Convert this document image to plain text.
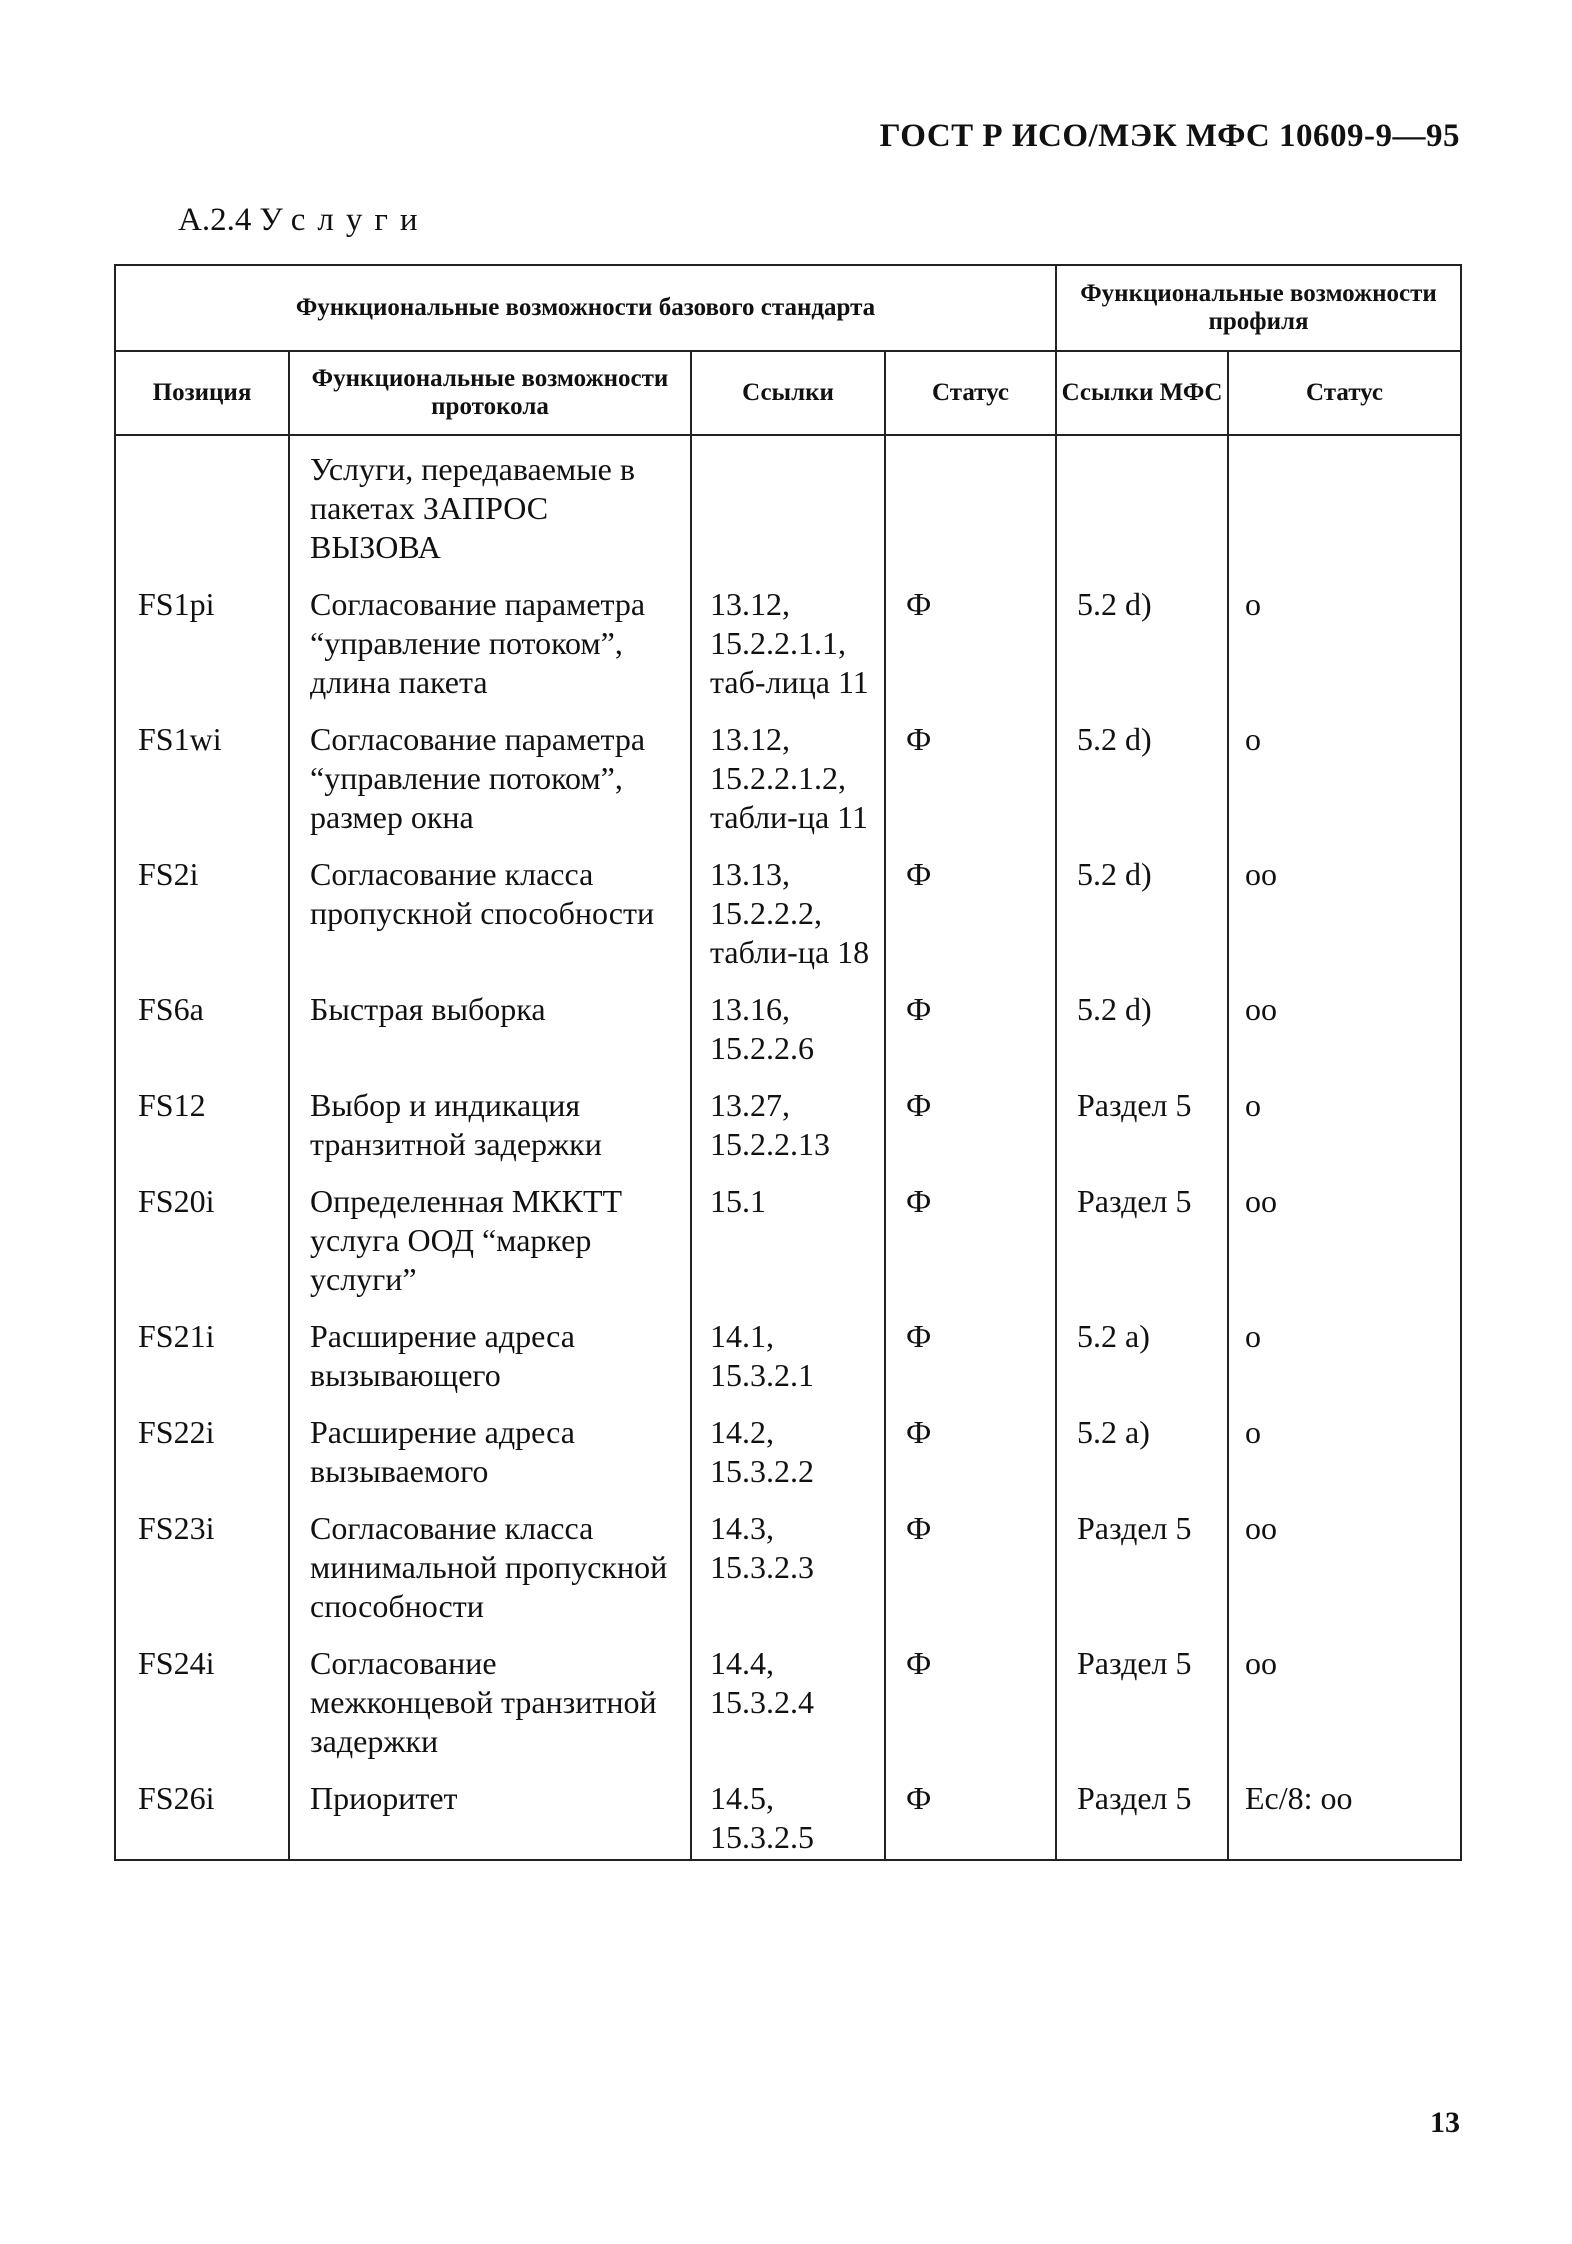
ГОСТ Р ИСО/МЭК МФС 10609-9—95
А.2.4 Услуги
Функциональные возможности базового стандарта				Функциональные возможности профиля	
Позиция	Функциональные возможности протокола	Ссылки	Статус	Ссылки МФС	Статус
	Услуги, передаваемые в пакетах ЗАПРОС ВЫЗОВА				
FS1pi	Согласование параметра “управление потоком”, длина пакета	13.12, 15.2.2.1.1, таб-лица 11	Ф	5.2 d)	o
FS1wi	Согласование параметра “управление потоком”, размер окна	13.12, 15.2.2.1.2, табли-ца 11	Ф	5.2 d)	o
FS2i	Согласование класса пропускной способности	13.13, 15.2.2.2, табли-ца 18	Ф	5.2 d)	oo
FS6a	Быстрая выборка	13.16, 15.2.2.6	Ф	5.2 d)	oo
FS12	Выбор и индикация транзитной задержки	13.27, 15.2.2.13	Ф	Раздел 5	o
FS20i	Определенная МККТТ услуга ООД “маркер услуги”	15.1	Ф	Раздел 5	oo
FS21i	Расширение адреса вызывающего	14.1, 15.3.2.1	Ф	5.2 a)	o
FS22i	Расширение адреса вызываемого	14.2, 15.3.2.2	Ф	5.2 a)	o
FS23i	Согласование класса минимальной пропускной способности	14.3, 15.3.2.3	Ф	Раздел 5	oo
FS24i	Согласование межконцевой транзитной задержки	14.4, 15.3.2.4	Ф	Раздел 5	oo
FS26i	Приоритет	14.5, 15.3.2.5	Ф	Раздел 5	Ec/8: oo
13
